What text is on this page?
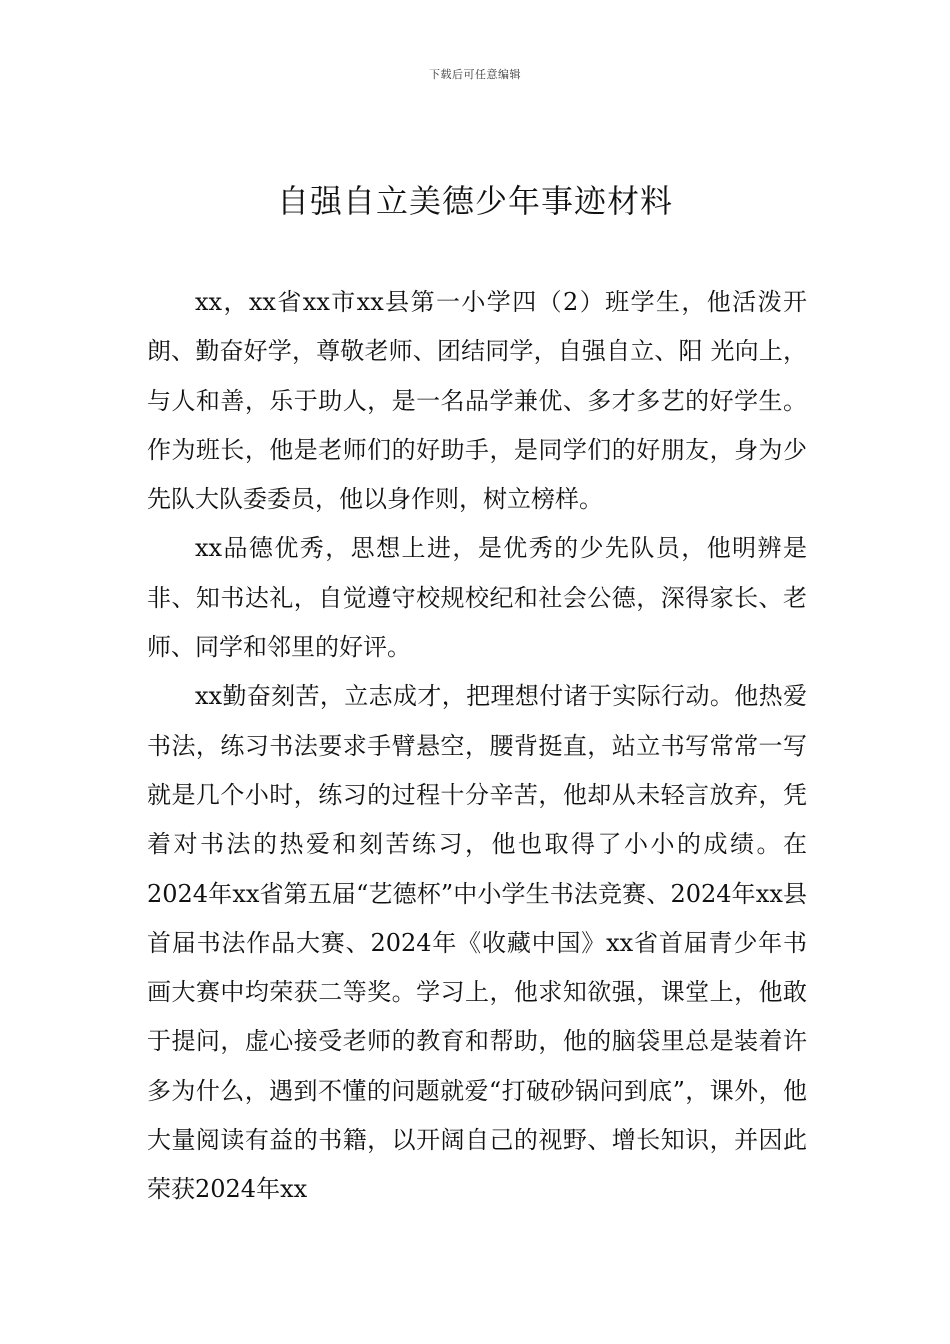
下载后可任意编辑
自强自立美德少年事迹材料

xx，xx省xx市xx县第一小学四（2）班学生，他活泼开朗、勤奋好学，尊敬老师、团结同学，自强自立、阳 光向上，与人和善，乐于助人，是一名品学兼优、多才多艺的好学生。作为班长，他是老师们的好助手，是同学们的好朋友，身为少先队大队委委员，他以身作则，树立榜样。

xx品德优秀，思想上进，是优秀的少先队员，他明辨是非、知书达礼，自觉遵守校规校纪和社会公德，深得家长、老师、同学和邻里的好评。

xx勤奋刻苦，立志成才，把理想付诸于实际行动。他热爱书法，练习书法要求手臂悬空，腰背挺直，站立书写常常一写就是几个小时，练习的过程十分辛苦，他却从未轻言放弃，凭着对书法的热爱和刻苦练习，他也取得了小小的成绩。在2024年xx省第五届“艺德杯”中小学生书法竞赛、2024年xx县首届书法作品大赛、2024年《收藏中国》xx省首届青少年书画大赛中均荣获二等奖。学习上，他求知欲强，课堂上，他敢于提问，虚心接受老师的教育和帮助，他的脑袋里总是装着许多为什么，遇到不懂的问题就爱“打破砂锅问到底”，课外，他大量阅读有益的书籍，以开阔自己的视野、增长知识，并因此荣获2024年xx
